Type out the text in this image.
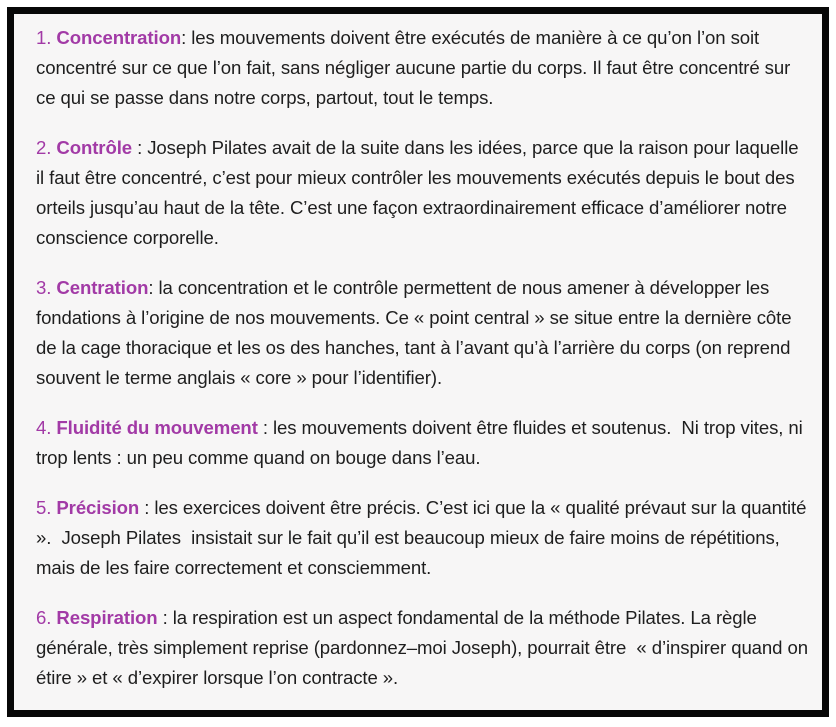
1. Concentration: les mouvements doivent être exécutés de manière à ce qu’on l’on soit concentré sur ce que l’on fait, sans négliger aucune partie du corps. Il faut être concentré sur ce qui se passe dans notre corps, partout, tout le temps.

2. Contrôle : Joseph Pilates avait de la suite dans les idées, parce que la raison pour laquelle il faut être concentré, c’est pour mieux contrôler les mouvements exécutés depuis le bout des orteils jusqu’au haut de la tête. C’est une façon extraordinairement efficace d’améliorer notre conscience corporelle.

3. Centration: la concentration et le contrôle permettent de nous amener à développer les fondations à l’origine de nos mouvements. Ce « point central » se situe entre la dernière côte de la cage thoracique et les os des hanches, tant à l’avant qu’à l’arrière du corps (on reprend souvent le terme anglais « core » pour l’identifier).

4. Fluidité du mouvement : les mouvements doivent être fluides et soutenus.  Ni trop vites, ni trop lents : un peu comme quand on bouge dans l’eau.

5. Précision : les exercices doivent être précis. C’est ici que la « qualité prévaut sur la quantité ».  Joseph Pilates  insistait sur le fait qu’il est beaucoup mieux de faire moins de répétitions, mais de les faire correctement et consciemment.

6. Respiration : la respiration est un aspect fondamental de la méthode Pilates. La règle générale, très simplement reprise (pardonnez–moi Joseph), pourrait être  « d’inspirer quand on étire » et « d’expirer lorsque l’on contracte ».
